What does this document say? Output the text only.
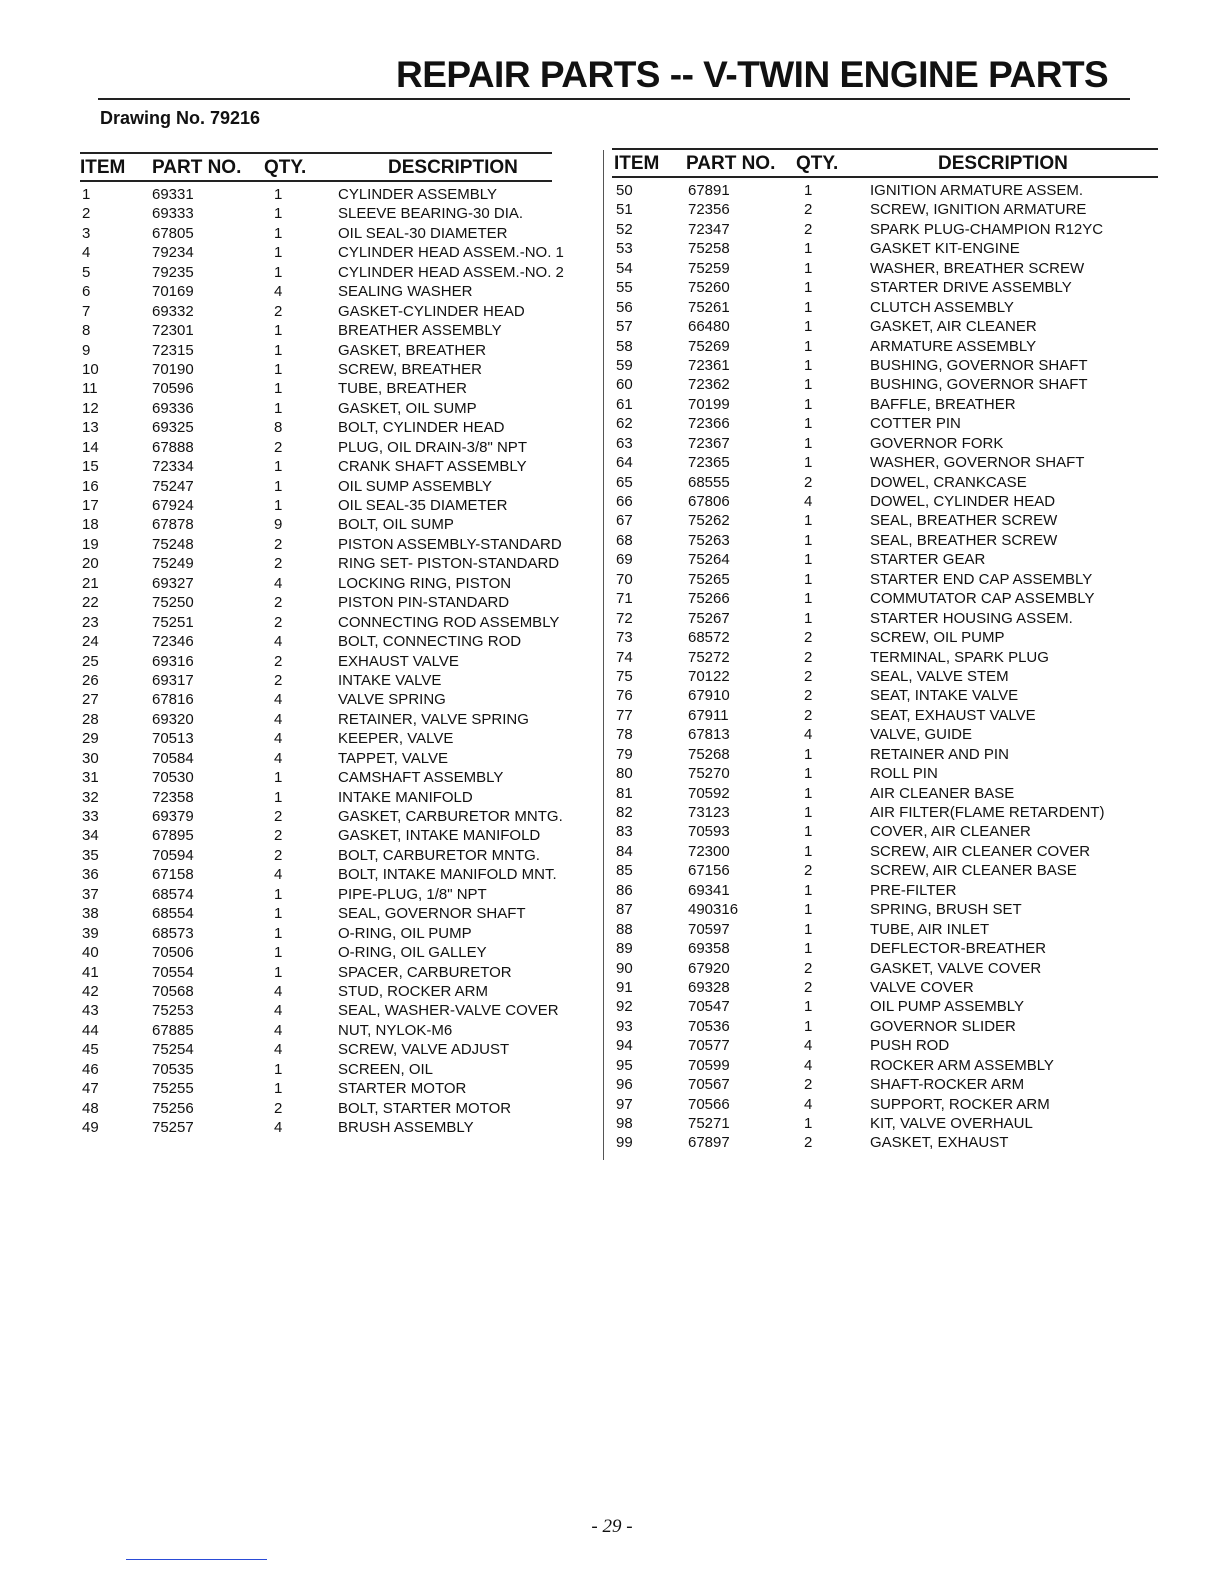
REPAIR PARTS -- V-TWIN ENGINE PARTS
Drawing No. 79216
ITEM PART NO. QTY.	DESCRIPTION
1	69331	1	CYLINDER ASSEMBLY
2	69333	1	SLEEVE BEARING-30 DIA.
3	67805	1	OIL SEAL-30 DIAMETER
4	79234	1	CYLINDER HEAD ASSEM.-NO. 1
5	79235	1	CYLINDER HEAD ASSEM.-NO. 2
6	70169	4	SEALING WASHER
7	69332	2	GASKET-CYLINDER HEAD
8	72301	1	BREATHER ASSEMBLY
9	72315	1	GASKET, BREATHER
10	70190	1	SCREW, BREATHER
11	70596	1	TUBE, BREATHER
12	69336	1	GASKET, OIL SUMP
13	69325	8	BOLT, CYLINDER HEAD
14	67888	2	PLUG, OIL DRAIN-3/8" NPT
15	72334	1	CRANK SHAFT ASSEMBLY
16	75247	1	OIL SUMP ASSEMBLY
17	67924	1	OIL SEAL-35 DIAMETER
18	67878	9	BOLT, OIL SUMP
19	75248	2	PISTON ASSEMBLY-STANDARD
20	75249	2	RING SET- PISTON-STANDARD
21	69327	4	LOCKING RING, PISTON
22	75250	2	PISTON PIN-STANDARD
23	75251	2	CONNECTING ROD ASSEMBLY
24	72346	4	BOLT, CONNECTING ROD
25	69316	2	EXHAUST VALVE
26	69317	2	INTAKE VALVE
27	67816	4	VALVE SPRING
28	69320	4	RETAINER, VALVE SPRING
29	70513	4	KEEPER, VALVE
30	70584	4	TAPPET, VALVE
31	70530	1	CAMSHAFT ASSEMBLY
32	72358	1	INTAKE MANIFOLD
33	69379	2	GASKET, CARBURETOR MNTG.
34	67895	2	GASKET, INTAKE MANIFOLD
35	70594	2	BOLT, CARBURETOR MNTG.
36	67158	4	BOLT, INTAKE MANIFOLD MNT.
37	68574	1	PIPE-PLUG, 1/8" NPT
38	68554	1	SEAL, GOVERNOR SHAFT
39	68573	1	O-RING, OIL PUMP
40	70506	1	O-RING, OIL GALLEY
41	70554	1	SPACER, CARBURETOR
42	70568	4	STUD, ROCKER ARM
43	75253	4	SEAL, WASHER-VALVE COVER
44	67885	4	NUT, NYLOK-M6
45	75254	4	SCREW, VALVE ADJUST
46	70535	1	SCREEN, OIL
47	75255	1	STARTER MOTOR
48	75256	2	BOLT, STARTER MOTOR
49	75257	4	BRUSH ASSEMBLY
ITEM PART NO. QTY.	DESCRIPTION
50	67891	1	IGNITION ARMATURE ASSEM.
51	72356	2	SCREW, IGNITION ARMATURE
52	72347	2	SPARK PLUG-CHAMPION R12YC
53	75258	1	GASKET KIT-ENGINE
54	75259	1	WASHER, BREATHER SCREW
55	75260	1	STARTER DRIVE ASSEMBLY
56	75261	1	CLUTCH ASSEMBLY
57	66480	1	GASKET, AIR CLEANER
58	75269	1	ARMATURE ASSEMBLY
59	72361	1	BUSHING, GOVERNOR SHAFT
60	72362	1	BUSHING, GOVERNOR SHAFT
61	70199	1	BAFFLE, BREATHER
62	72366	1	COTTER PIN
63	72367	1	GOVERNOR FORK
64	72365	1	WASHER, GOVERNOR SHAFT
65	68555	2	DOWEL, CRANKCASE
66	67806	4	DOWEL, CYLINDER HEAD
67	75262	1	SEAL, BREATHER SCREW
68	75263	1	SEAL, BREATHER SCREW
69	75264	1	STARTER GEAR
70	75265	1	STARTER END CAP ASSEMBLY
71	75266	1	COMMUTATOR CAP ASSEMBLY
72	75267	1	STARTER HOUSING ASSEM.
73	68572	2	SCREW, OIL PUMP
74	75272	2	TERMINAL, SPARK PLUG
75	70122	2	SEAL, VALVE STEM
76	67910	2	SEAT, INTAKE VALVE
77	67911	2	SEAT, EXHAUST VALVE
78	67813	4	VALVE, GUIDE
79	75268	1	RETAINER AND PIN
80	75270	1	ROLL PIN
81	70592	1	AIR CLEANER BASE
82	73123	1	AIR FILTER(FLAME RETARDENT)
83	70593	1	COVER, AIR CLEANER
84	72300	1	SCREW, AIR CLEANER COVER
85	67156	2	SCREW, AIR CLEANER BASE
86	69341	1	PRE-FILTER
87	490316	1	SPRING, BRUSH SET
88	70597	1	TUBE, AIR INLET
89	69358	1	DEFLECTOR-BREATHER
90	67920	2	GASKET, VALVE COVER
91	69328	2	VALVE COVER
92	70547	1	OIL PUMP ASSEMBLY
93	70536	1	GOVERNOR SLIDER
94	70577	4	PUSH ROD
95	70599	4	ROCKER ARM ASSEMBLY
96	70567	2	SHAFT-ROCKER ARM
97	70566	4	SUPPORT, ROCKER ARM
98	75271	1	KIT, VALVE OVERHAUL
99	67897	2	GASKET, EXHAUST
- 29 -
